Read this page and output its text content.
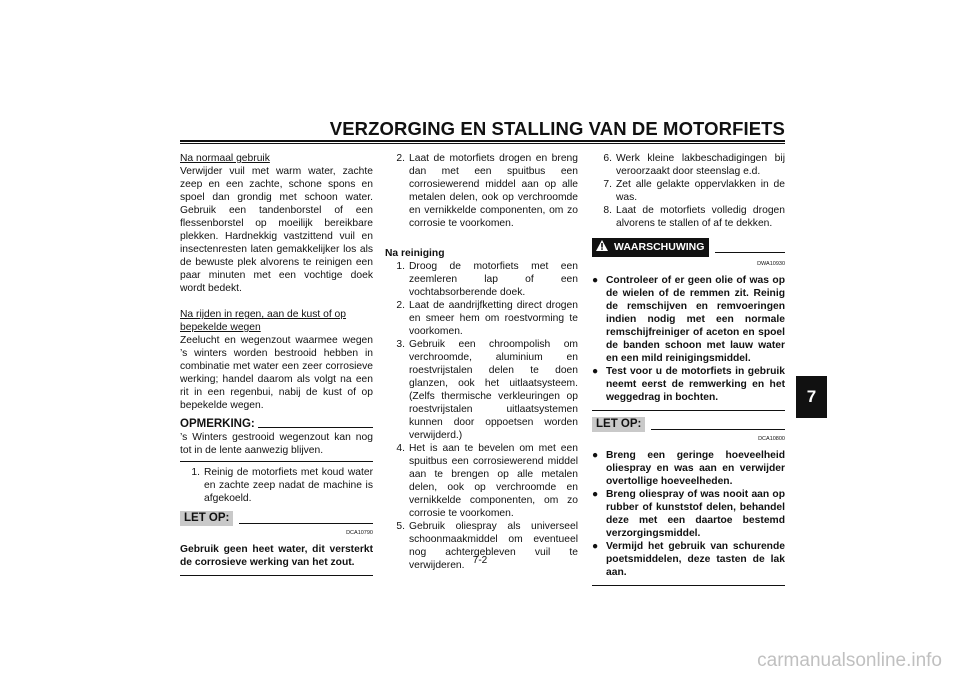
VERZORGING EN STALLING VAN DE MOTORFIETS
7
Na normaal gebruik

Verwijder vuil met warm water, zachte zeep en een zachte, schone spons en spoel dan grondig met schoon water. Gebruik een tandenborstel of een flessenborstel op moeilijk bereikbare plekken. Hardnekkig vastzittend vuil en insectenresten laten gemakkelijker los als de bewuste plek alvorens te reinigen een paar minuten met een vochtige doek wordt bedekt.

Na rijden in regen, aan de kust of op bepekelde wegen

Zeelucht en wegenzout waarmee wegen ’s winters worden bestrooid hebben in combinatie met water een zeer corrosieve werking; handel daarom als volgt na een rit in een regenbui, nabij de kust of op bepekelde wegen.

OPMERKING:

’s Winters gestrooid wegenzout kan nog tot in de lente aanwezig blijven.

1. Reinig de motorfiets met koud water en zachte zeep nadat de machine is afgekoeld.
LET OP:
DCA10790

Gebruik geen heet water, dit versterkt de corrosieve werking van het zout.

2. Laat de motorfiets drogen en breng dan met een spuitbus een corrosiewerend middel aan op alle metalen delen, ook op verchroomde en vernikkelde componenten, om zo corrosie te voorkomen.
Na reiniging
1. Droog de motorfiets met een zeemleren lap of een vochtabsorberende doek.
2. Laat de aandrijfketting direct drogen en smeer hem om roestvorming te voorkomen.
3. Gebruik een chroompolish om verchroomde, aluminium en roestvrijstalen delen te doen glanzen, ook het uitlaatsysteem. (Zelfs thermische verkleuringen op roestvrijstalen uitlaatsystemen kunnen door oppoetsen worden verwijderd.)
4. Het is aan te bevelen om met een spuitbus een corrosiewerend middel aan te brengen op alle metalen delen, ook op verchroomde en vernikkelde componenten, om zo corrosie te voorkomen.
5. Gebruik oliespray als universeel schoonmaakmiddel om eventueel nog achtergebleven vuil te verwijderen.
6. Werk kleine lakbeschadigingen bij veroorzaakt door steenslag e.d.
7. Zet alle gelakte oppervlakken in de was.
8. Laat de motorfiets volledig drogen alvorens te stallen of af te dekken.
WAARSCHUWING
DWA10930
● Controleer of er geen olie of was op de wielen of de remmen zit. Reinig de remschijven en remvoeringen indien nodig met een normale remschijfreiniger of aceton en spoel de banden schoon met lauw water en een mild reinigingsmiddel.
● Test voor u de motorfiets in gebruik neemt eerst de remwerking en het weggedrag in bochten.
LET OP:
DCA10800
● Breng een geringe hoeveelheid oliespray en was aan en verwijder overtollige hoeveelheden.
● Breng oliespray of was nooit aan op rubber of kunststof delen, behandel deze met een daartoe bestemd verzorgingsmiddel.
● Vermijd het gebruik van schurende poetsmiddelen, deze tasten de lak aan.
7-2
carmanualsonline.info
